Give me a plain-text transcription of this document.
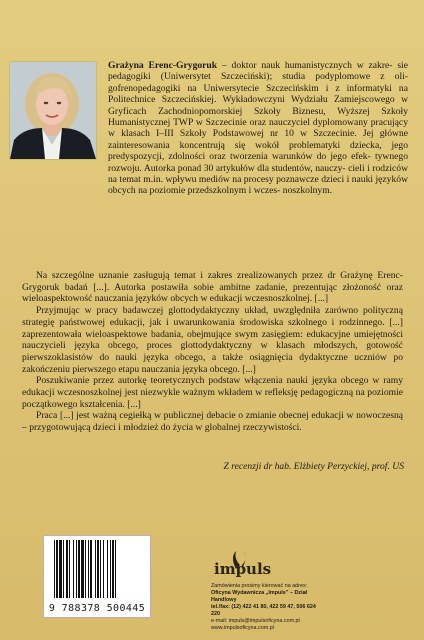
Grażyna Erenc-Grygoruk – doktor nauk humanistycznych w zakre- sie pedagogiki (Uniwersytet Szczeciński); studia podyplomowe z oli- gofrenopedagogiki na Uniwersytecie Szczecińskim i z informatyki na Politechnice Szczecińskiej. Wykładowczyni Wydziału Zamiejscowego w Gryficach Zachodniopomorskiej Szkoły Biznesu, Wyższej Szkoły Humanistycznej TWP w Szczecinie oraz nauczyciel dyplomowany pracujący w klasach I–III Szkoły Podstawowej nr 10 w Szczecinie. Jej główne zainteresowania koncentrują się wokół problematyki dziecka, jego predyspozycji, zdolności oraz tworzenia warunków do jego efek- tywnego rozwoju. Autorka ponad 30 artykułów dla studentów, nauczy- cieli i rodziców na temat m.in. wpływu mediów na procesy poznawcze dzieci i nauki języków obcych na poziomie przedszkolnym i wczes- noszkolnym.

Na szczególne uznanie zasługują temat i zakres zrealizowanych przez dr Grażynę Erenc-Grygoruk badań [...]. Autorka postawiła sobie ambitne zadanie, prezentując złożoność oraz wieloaspektowość nauczania języków obcych w edukacji wczesnoszkolnej. [...]

Przyjmując w pracy badawczej glottodydaktyczny układ, uwzględniła zarówno polityczną strategię państwowej edukacji, jak i uwarunkowania środowiska szkolnego i rodzinnego. [...] zaprezentowała wieloaspektowe badania, obejmujące swym zasięgiem: edukacyjne umiejętności nauczycieli języka obcego, proces glottodydaktyczny w klasach młodszych, gotowość pierwszoklasistów do nauki języka obcego, a także osiągnięcia dydaktyczne uczniów po zakończeniu pierwszego etapu nauczania języka obcego. [...]

Poszukiwanie przez autorkę teoretycznych podstaw włączenia nauki języka obcego w ramy edukacji wczesnoszkolnej jest niezwykle ważnym wkładem w refleksję pedagogiczną na poziomie początkowego kształcenia. [...]

Praca [...] jest ważną cegiełką w publicznej debacie o zmianie obecnej edukacji w nowoczesną – przygotowującą dzieci i młodzież do życia w globalnej rzeczywistości.

Z recenzji dr hab. Elżbiety Perzyckiej, prof. US
9 788378 500445
impuls
Zamówienia prosimy kierować na adres:
Oficyna Wydawnicza „Impuls” – Dział Handlowy
tel./fax: (12) 422 41 80, 422 59 47, 506 624 220
e-mail: impuls@impulsoficyna.com.pl
www.impulsoficyna.com.pl
